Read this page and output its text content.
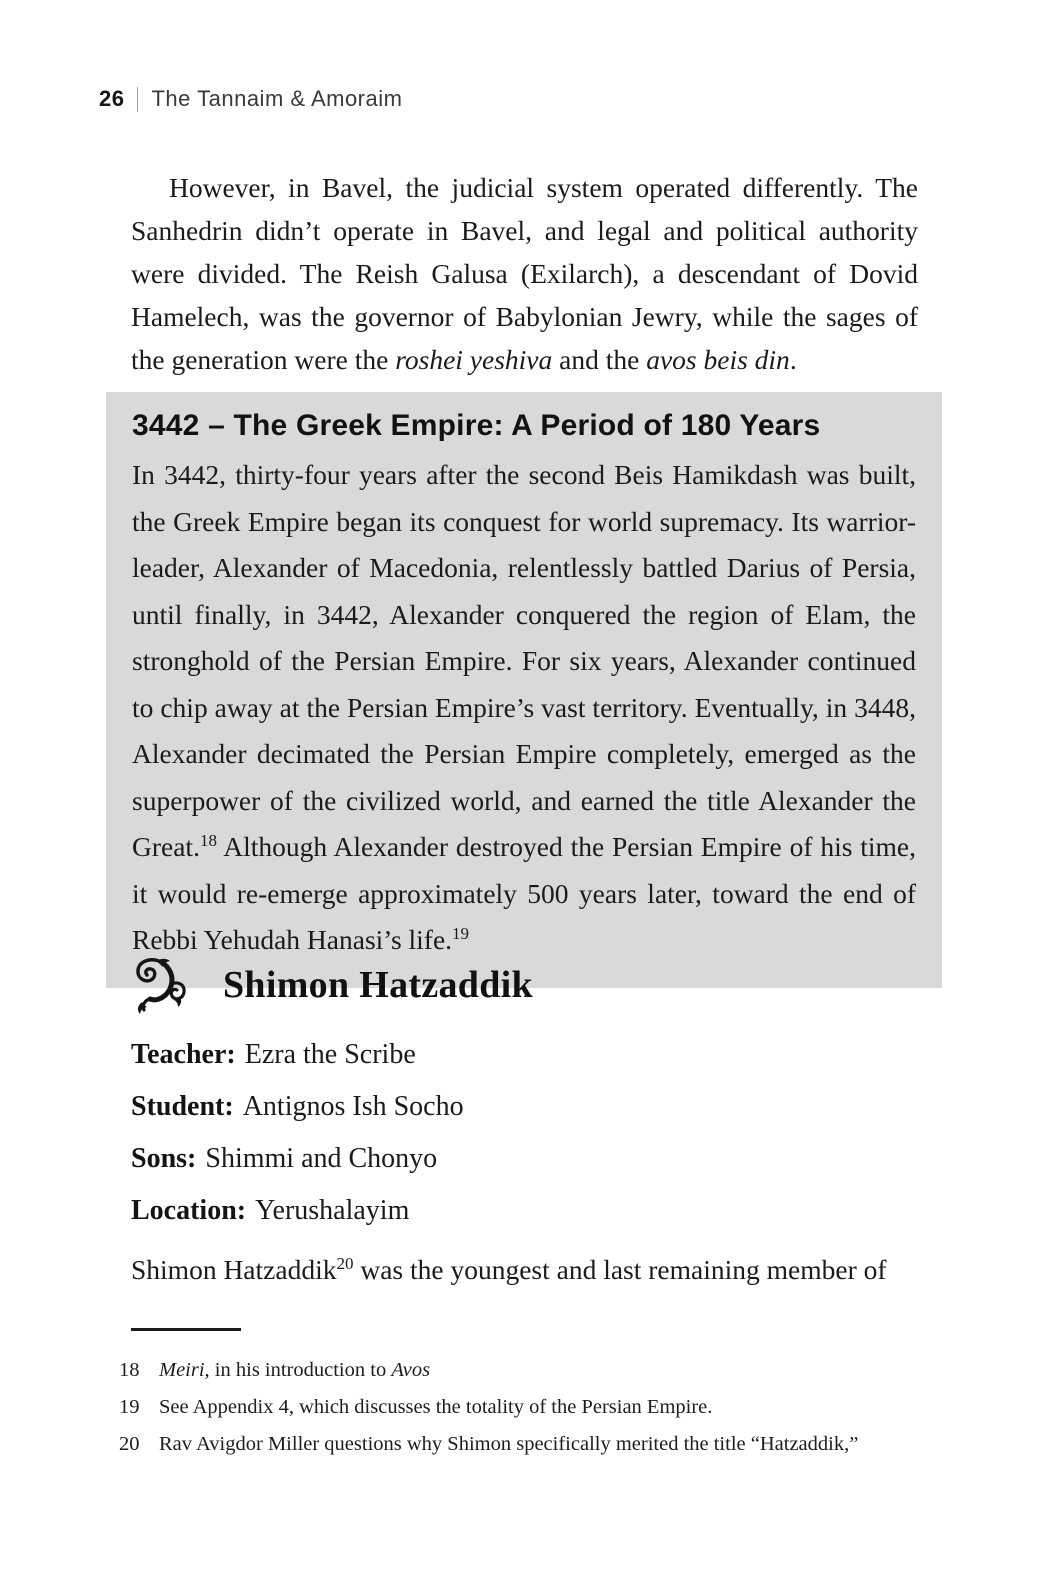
26 The Tannaim & Amoraim

However, in Bavel, the judicial system operated differently. The Sanhedrin didn’t operate in Bavel, and legal and political authority were divided. The Reish Galusa (Exilarch), a descendant of Dovid Hamelech, was the governor of Babylonian Jewry, while the sages of the generation were the roshei yeshiva and the avos beis din.

3442 – The Greek Empire: A Period of 180 Years

In 3442, thirty-four years after the second Beis Hamikdash was built, the Greek Empire began its conquest for world supremacy. Its warrior-leader, Alexander of Macedonia, relentlessly battled Darius of Persia, until finally, in 3442, Alexander conquered the region of Elam, the stronghold of the Persian Empire. For six years, Alexander continued to chip away at the Persian Empire’s vast territory. Eventually, in 3448, Alexander decimated the Persian Empire completely, emerged as the superpower of the civilized world, and earned the title Alexander the Great.$^{18}$ Although Alexander destroyed the Persian Empire of his time, it would re-emerge approximately 500 years later, toward the end of Rebbi Yehudah Hanasi’s life.$^{19}$

Shimon Hatzaddik

Teacher: Ezra the Scribe

Student: Antignos Ish Socho

Sons: Shimmi and Chonyo

Location: Yerushalayim

Shimon Hatzaddik$^{20}$ was the youngest and last remaining member of

18 Meiri, in his introduction to Avos
19 See Appendix 4, which discusses the totality of the Persian Empire.
20 Rav Avigdor Miller questions why Shimon specifically merited the title “Hatzaddik,”
